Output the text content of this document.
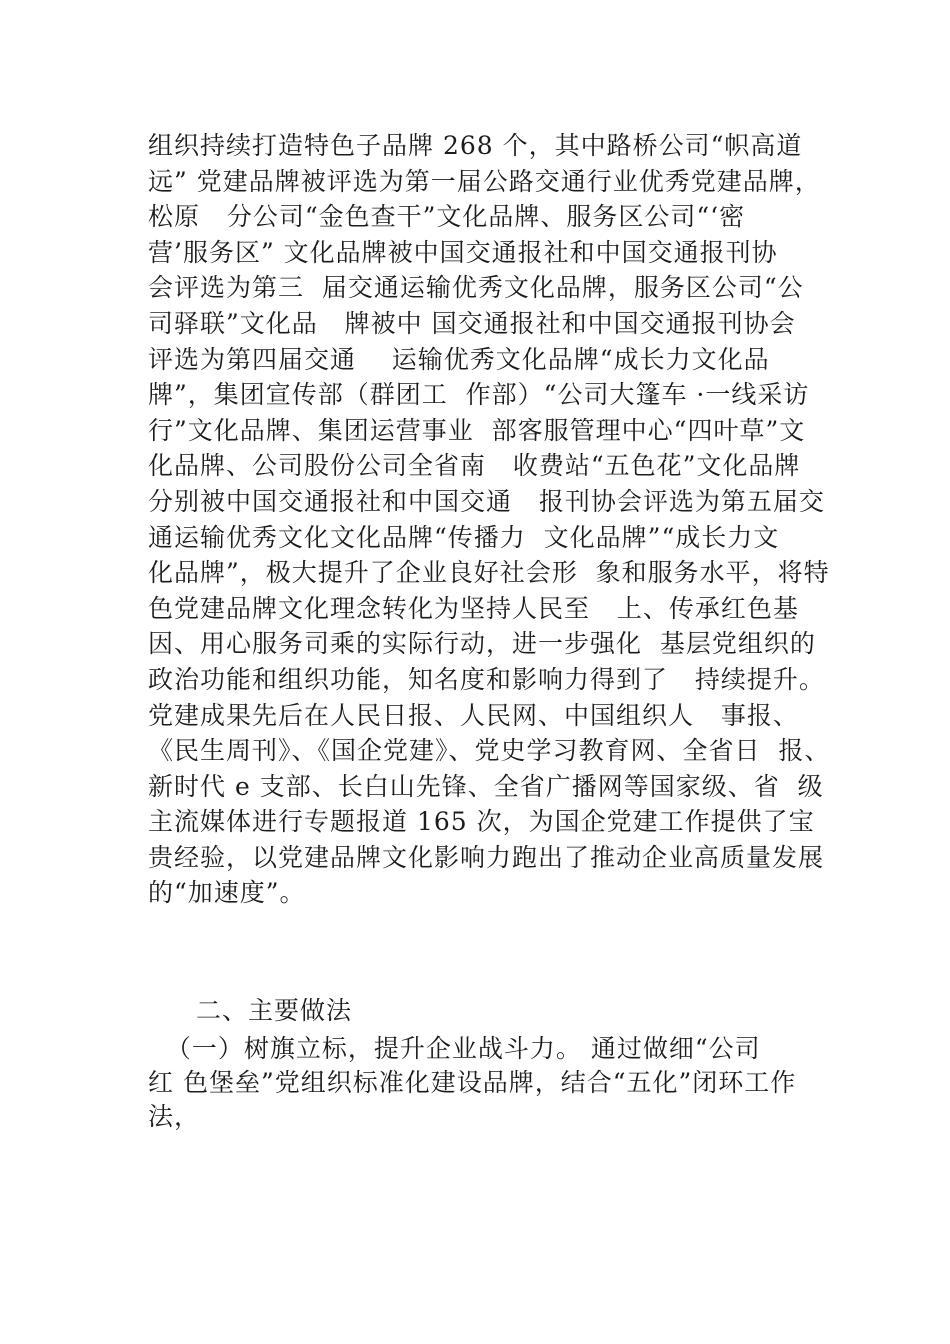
组织持续打造特色子品牌 268 个，其中路桥公司“帜高道
远” 党建品牌被评选为第一届公路交通行业优秀党建品牌，
松原   分公司“金色查干”文化品牌、服务区公司“‘密
营’服务区” 文化品牌被中国交通报社和中国交通报刊协
会评选为第三  届交通运输优秀文化品牌，服务区公司“公
司驿联”文化品   牌被中 国交通报社和中国交通报刊协会
评选为第四届交通    运输优秀文化品牌“成长力文化品
牌”，集团宣传部（群团工  作部）“公司大篷车 ·一线采访
行”文化品牌、集团运营事业  部客服管理中心“四叶草”文
化品牌、公司股份公司全省南   收费站“五色花”文化品牌
分别被中国交通报社和中国交通   报刊协会评选为第五届交
通运输优秀文化文化品牌“传播力  文化品牌”“成长力文
化品牌”，极大提升了企业良好社会形  象和服务水平，将特
色党建品牌文化理念转化为坚持人民至   上、传承红色基
因、用心服务司乘的实际行动，进一步强化  基层党组织的
政治功能和组织功能，知名度和影响力得到了   持续提升。
党建成果先后在人民日报、人民网、中国组织人   事报、
《民生周刊》、《国企党建》、党史学习教育网、全省日  报、
新时代 e 支部、长白山先锋、全省广播网等国家级、省  级
主流媒体进行专题报道 165 次，为国企党建工作提供了宝
贵经验，以党建品牌文化影响力跑出了推动企业高质量发展
的“加速度”。
二、主要做法
（一）树旗立标，提升企业战斗力。 通过做细“公司
红 色堡垒”党组织标准化建设品牌，结合“五化”闭环工作
法，
